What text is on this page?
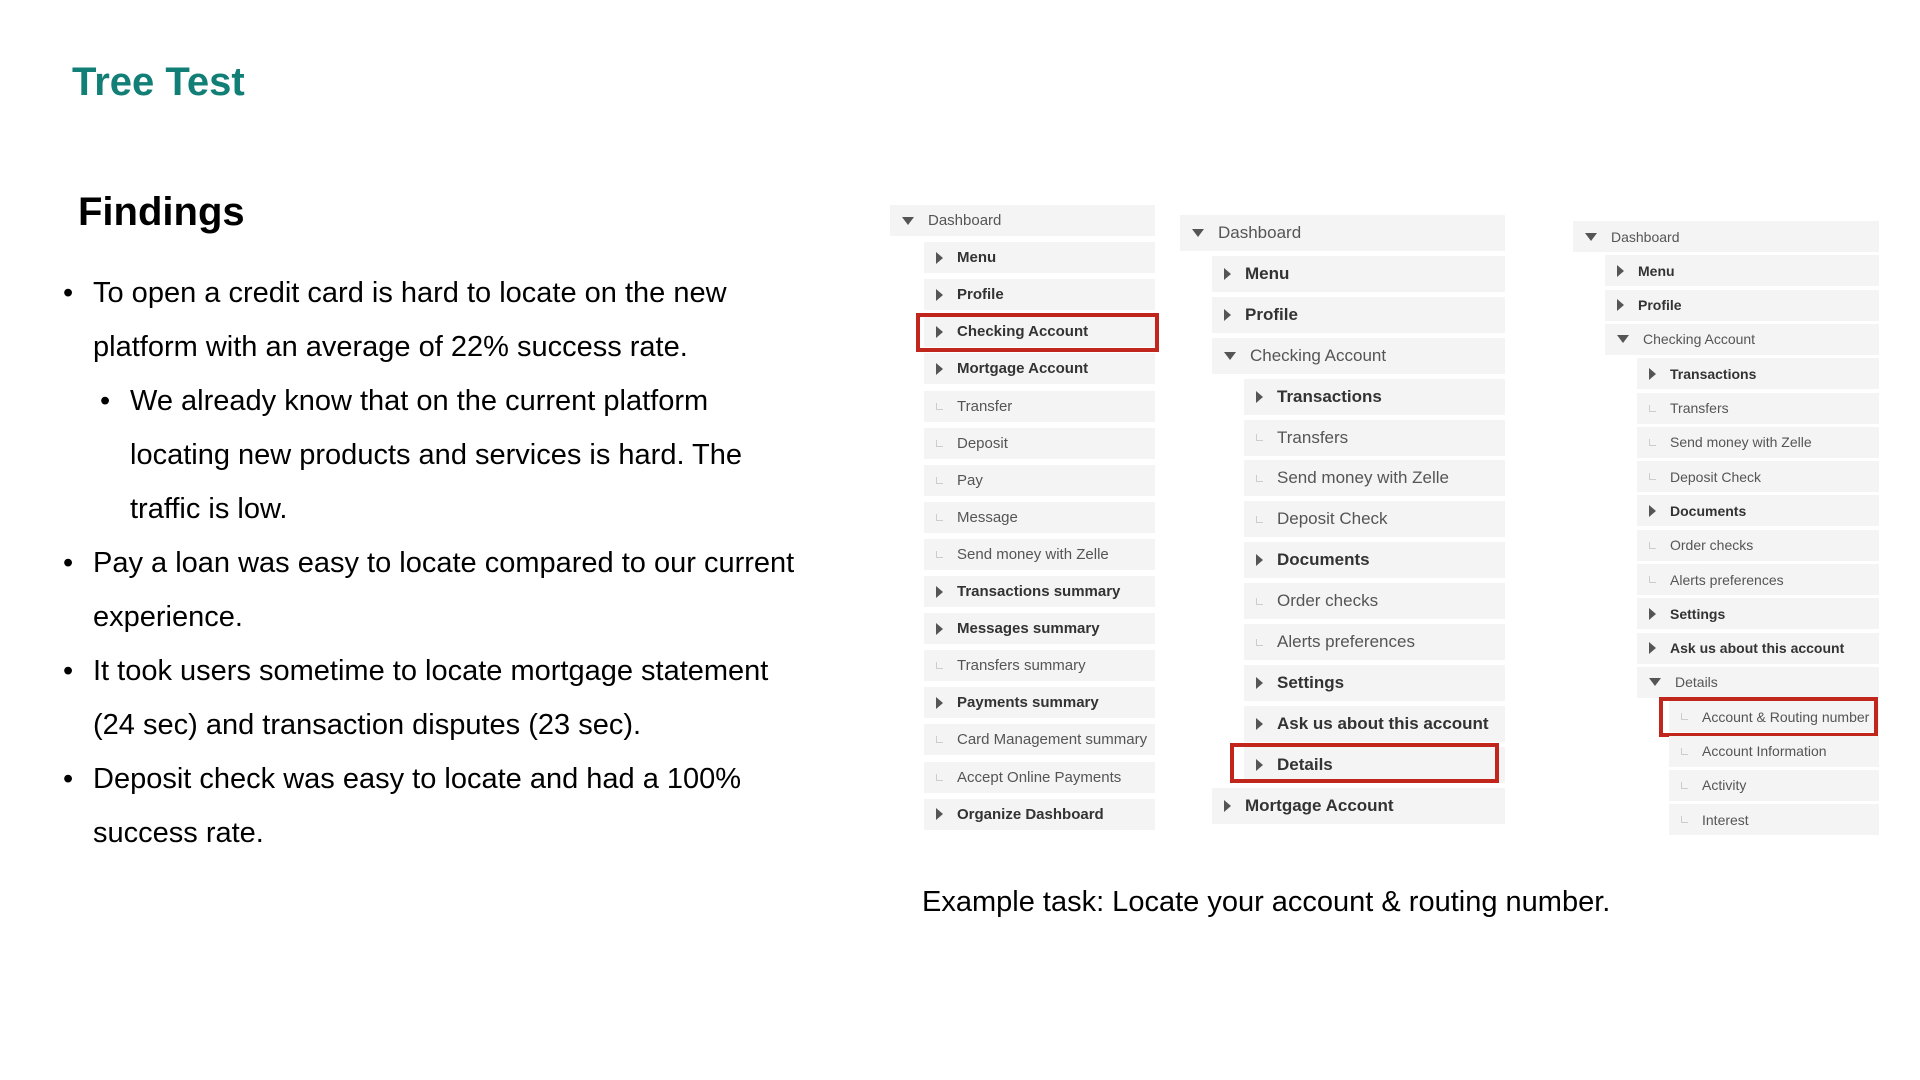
Tree Test
Findings
• To open a credit card is hard to locate on the new
platform with an average of 22% success rate.
• We already know that on the current platform
locating new products and services is hard. The
traffic is low.
• Pay a loan was easy to locate compared to our current
experience.
• It took users sometime to locate mortgage statement
(24 sec) and transaction disputes (23 sec).
• Deposit check was easy to locate and had a 100%
success rate.
Dashboard
Menu
Profile
Checking Account
Mortgage Account
Transfer
Deposit
Pay
Message
Send money with Zelle
Transactions summary
Messages summary
Transfers summary
Payments summary
Card Management summary
Accept Online Payments
Organize Dashboard
Dashboard
Menu
Profile
Checking Account
Transactions
Transfers
Send money with Zelle
Deposit Check
Documents
Order checks
Alerts preferences
Settings
Ask us about this account
Details
Mortgage Account
Dashboard
Menu
Profile
Checking Account
Transactions
Transfers
Send money with Zelle
Deposit Check
Documents
Order checks
Alerts preferences
Settings
Ask us about this account
Details
Account & Routing number
Account Information
Activity
Interest
Example task: Locate your account & routing number.
